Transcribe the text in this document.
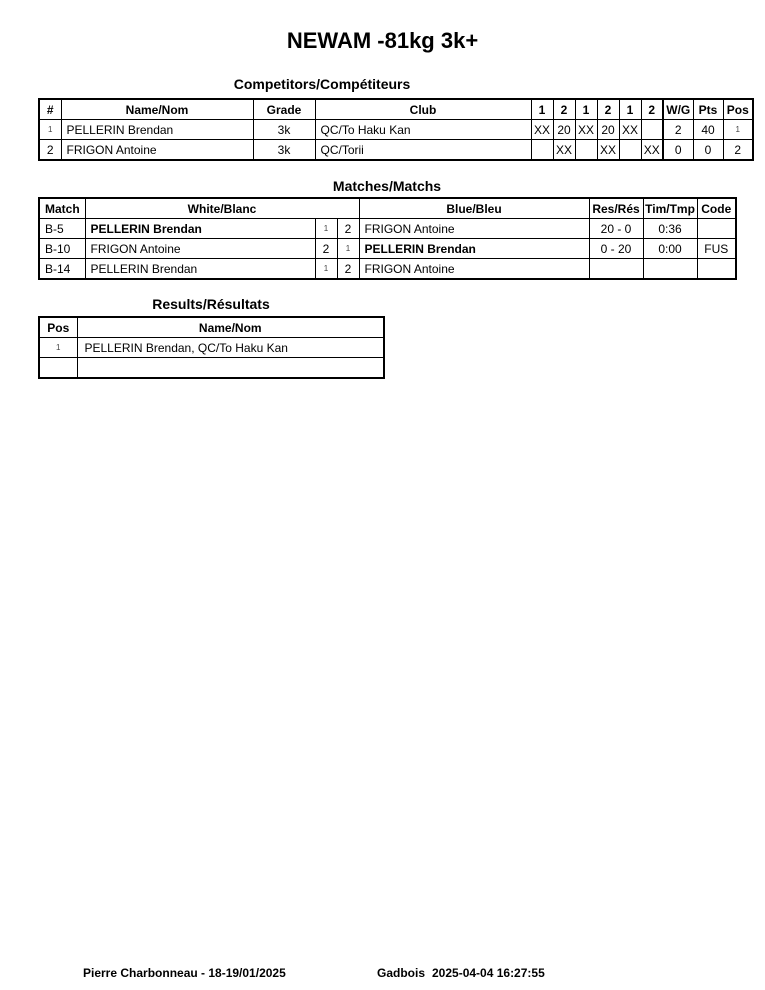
NEWAM -81kg 3k+
Competitors/Compétiteurs
#	Name/Nom	Grade	Club	1	2	1	2	1	2	W/G	Pts	Pos
1	PELLERIN Brendan	3k	QC/To Haku Kan	XX	20	XX	20	XX		2	40	1
2	FRIGON Antoine	3k	QC/Torii		XX		XX		XX	0	0	2
Matches/Matchs
Match	White/Blanc			Blue/Bleu	Res/Rés	Tim/Tmp	Code
B-5	PELLERIN Brendan	1	2	FRIGON Antoine	20 - 0	0:36	
B-10	FRIGON Antoine	2	1	PELLERIN Brendan	0 - 20	0:00	FUS
B-14	PELLERIN Brendan	1	2	FRIGON Antoine			
Results/Résultats
Pos	Name/Nom
1	PELLERIN Brendan, QC/To Haku Kan

Pierre Charbonneau - 18-19/01/2025	Gadbois 2025-04-04 16:27:55
